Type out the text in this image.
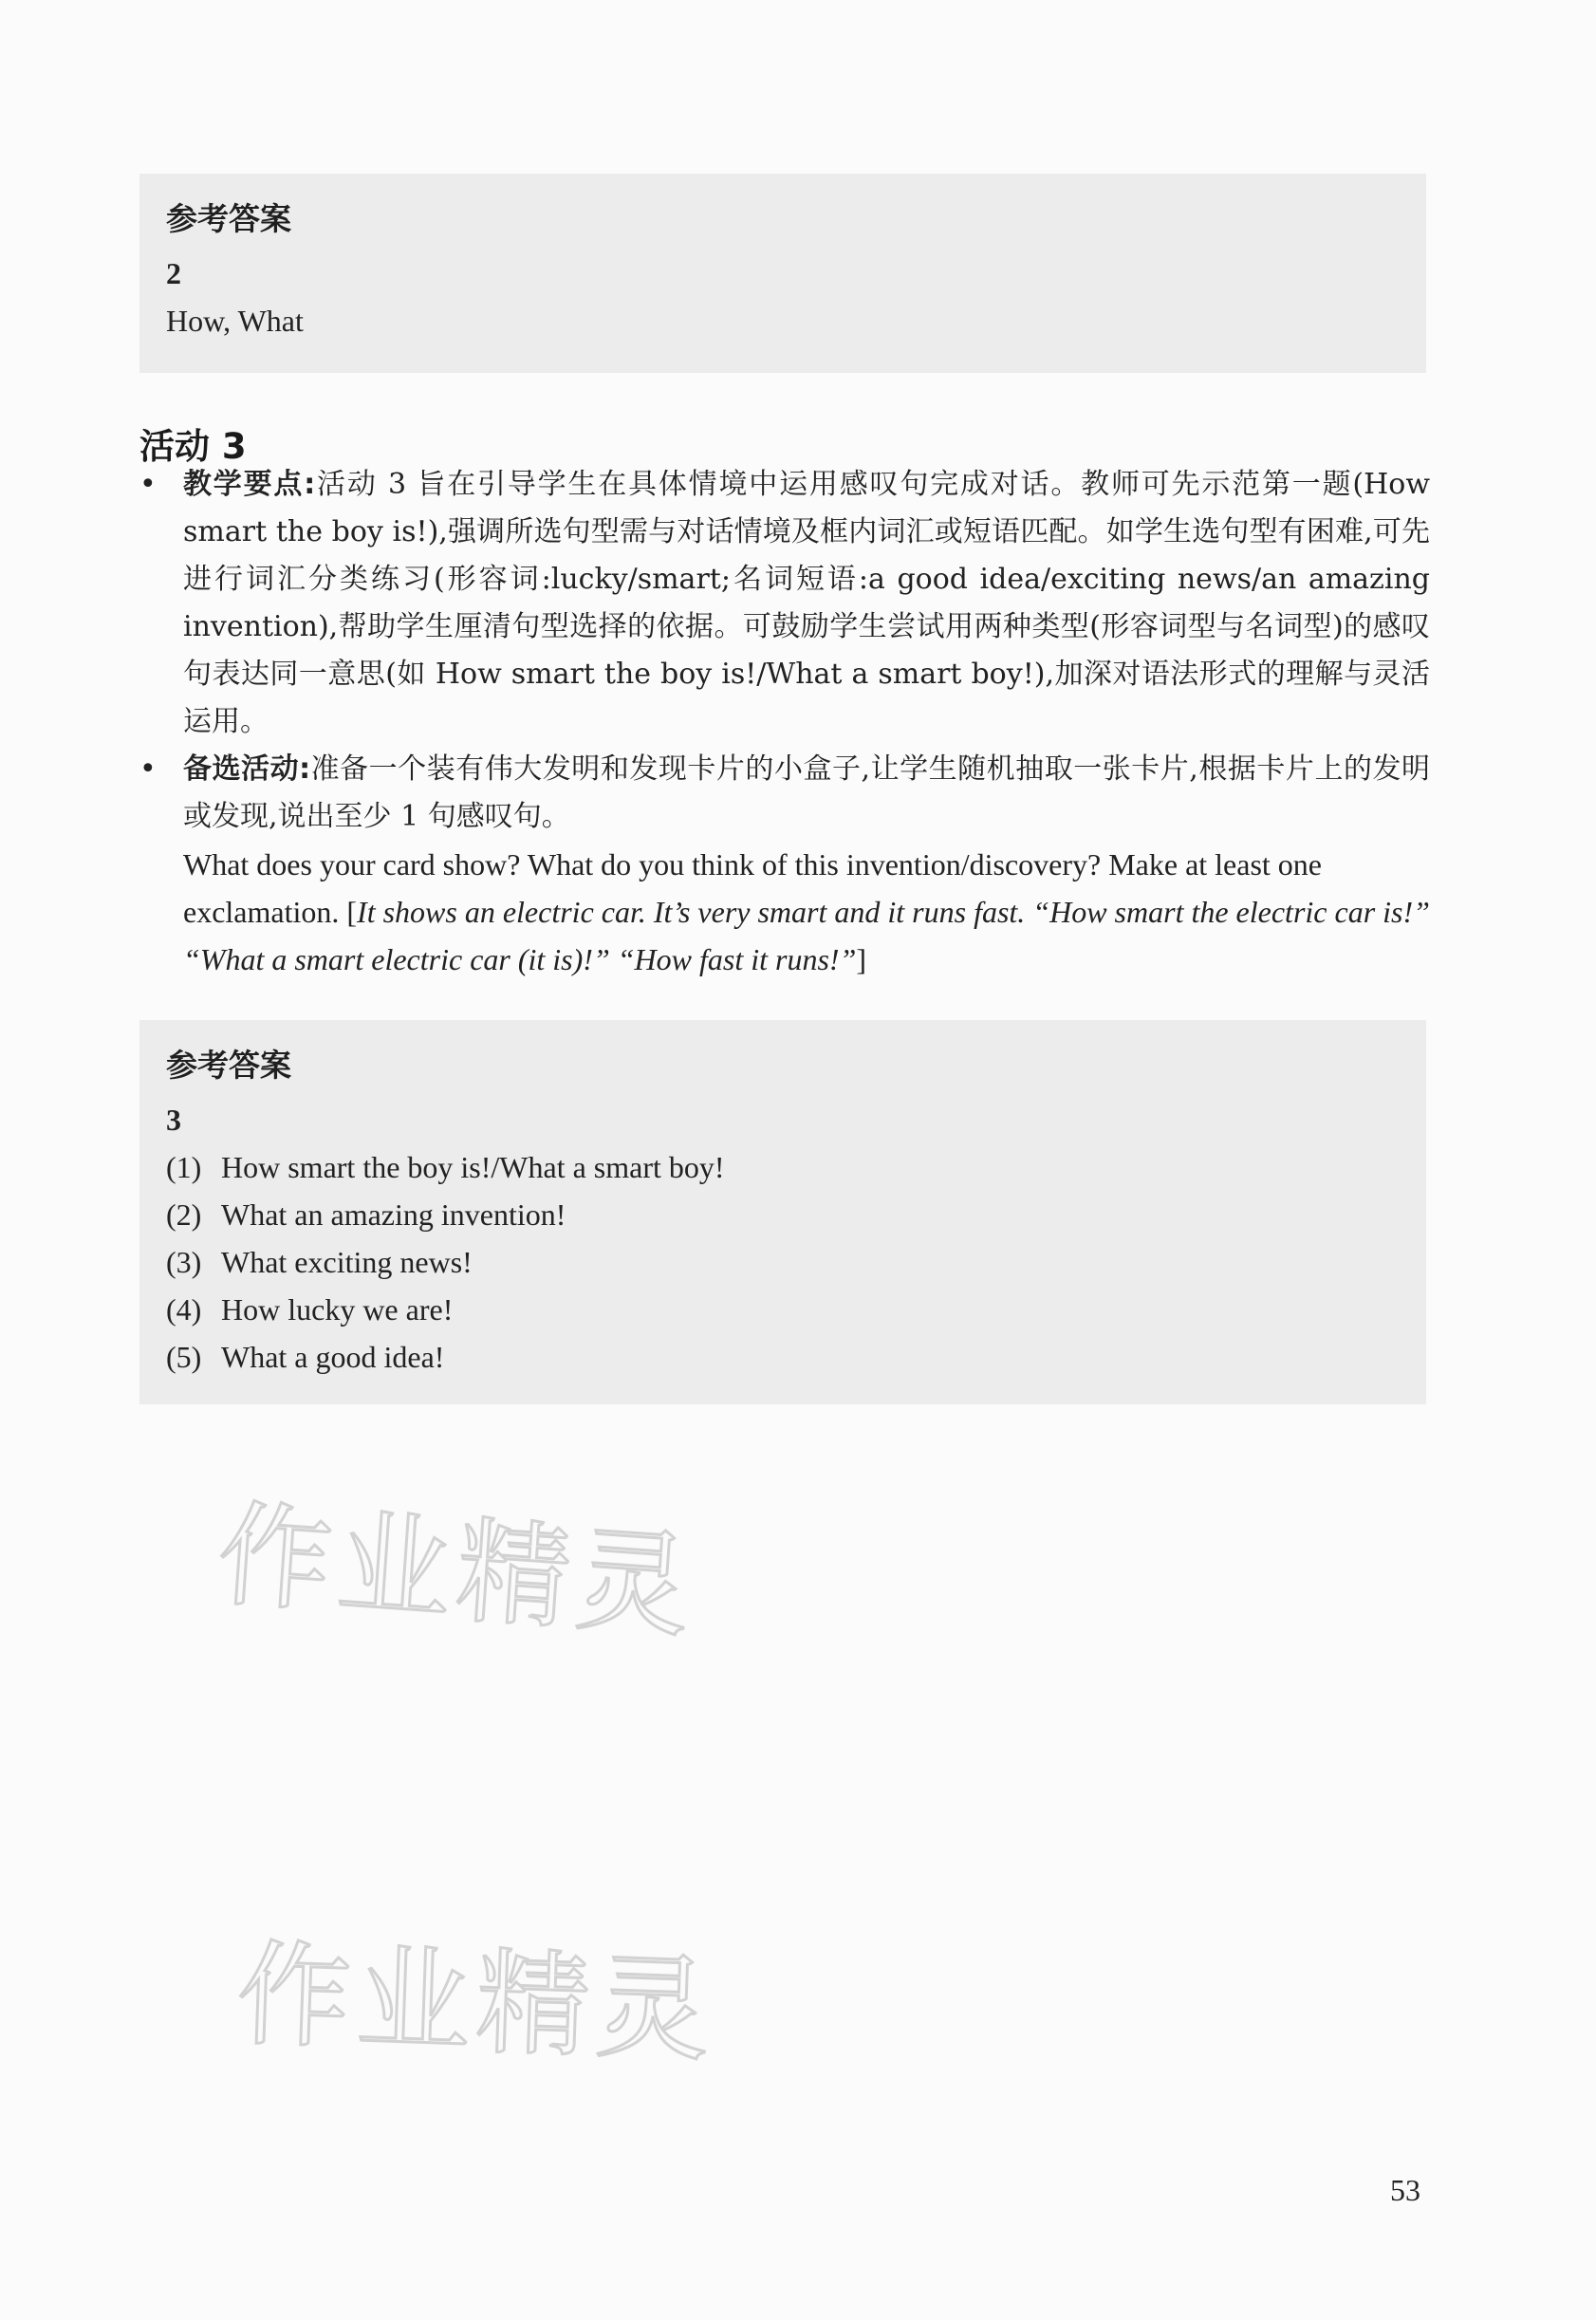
参考答案
2

How, What

活动 3
• 教学要点:活动 3 旨在引导学生在具体情境中运用感叹句完成对话。教师可先示范第一题(How smart the boy is!),强调所选句型需与对话情境及框内词汇或短语匹配。如学生选句型有困难,可先进行词汇分类练习(形容词:lucky/smart;名词短语:a good idea/exciting news/an amazing invention),帮助学生厘清句型选择的依据。可鼓励学生尝试用两种类型(形容词型与名词型)的感叹句表达同一意思(如 How smart the boy is!/What a smart boy!),加深对语法形式的理解与灵活运用。
• 备选活动:准备一个装有伟大发明和发现卡片的小盒子,让学生随机抽取一张卡片,根据卡片上的发明或发现,说出至少 1 句感叹句。
What does your card show? What do you think of this invention/discovery? Make at least one exclamation. [It shows an electric car. It’s very smart and it runs fast. “How smart the electric car is!” “What a smart electric car (it is)!” “How fast it runs!”]
参考答案
3
(1) How smart the boy is!/What a smart boy!
(2) What an amazing invention!
(3) What exciting news!
(4) How lucky we are!
(5) What a good idea!
作业精灵
作业精灵
53
